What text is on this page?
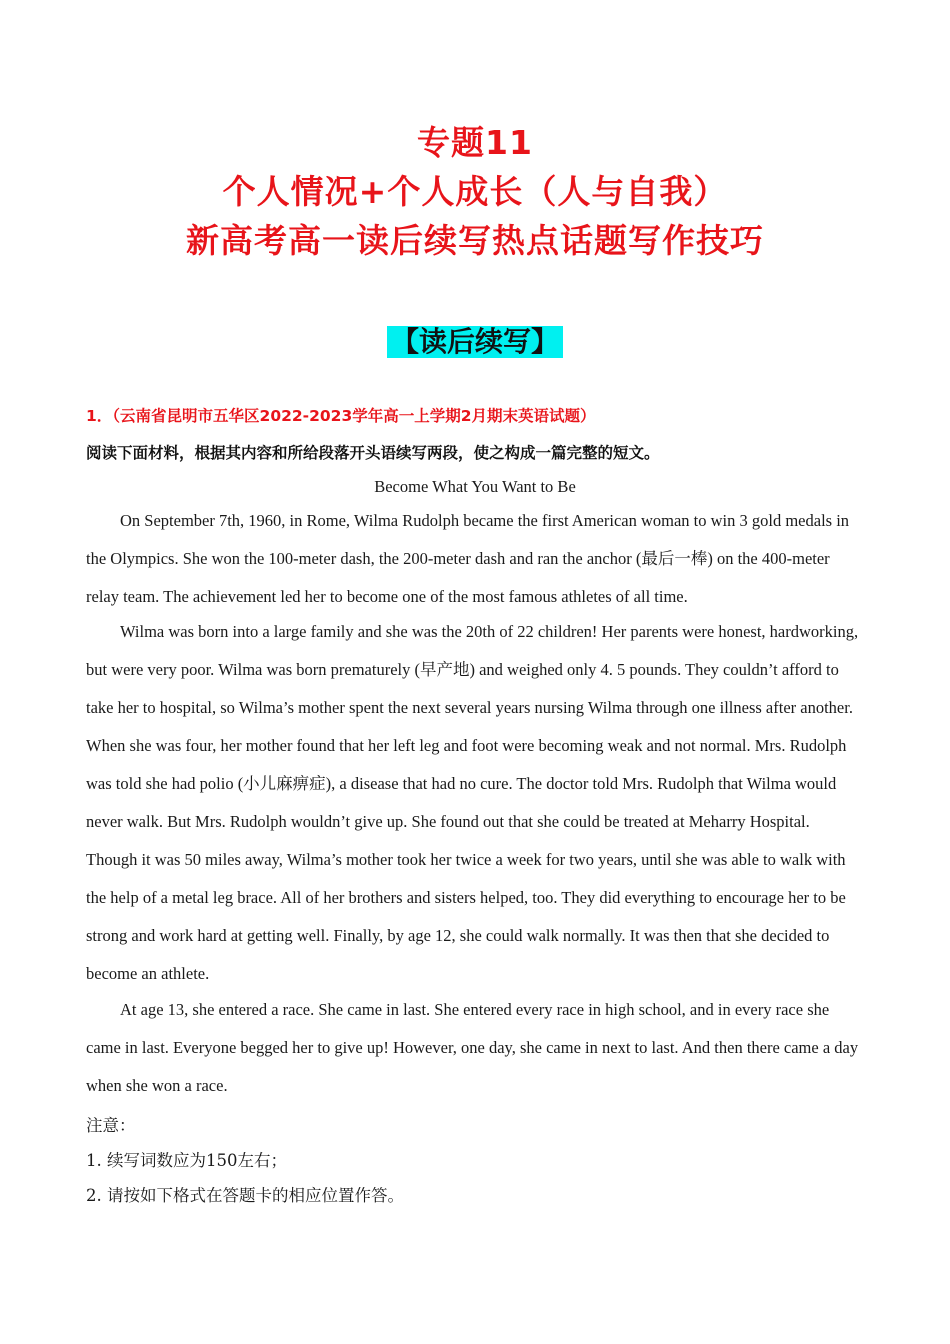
专题11
个人情况+个人成长（人与自我）
新高考高一读后续写热点话题写作技巧
【读后续写】
1．（云南省昆明市五华区2022-2023学年高一上学期2月期末英语试题）
阅读下面材料，根据其内容和所给段落开头语续写两段，使之构成一篇完整的短文。
Become What You Want to Be

On September 7th, 1960, in Rome, Wilma Rudolph became the first American woman to win 3 gold medals in the Olympics. She won the 100-meter dash, the 200-meter dash and ran the anchor (最后一棒) on the 400-meter relay team. The achievement led her to become one of the most famous athletes of all time.

Wilma was born into a large family and she was the 20th of 22 children! Her parents were honest, hardworking, but were very poor. Wilma was born prematurely (早产地) and weighed only 4. 5 pounds. They couldn’t afford to take her to hospital, so Wilma’s mother spent the next several years nursing Wilma through one illness after another. When she was four, her mother found that her left leg and foot were becoming weak and not normal. Mrs. Rudolph was told she had polio (小儿麻痹症), a disease that had no cure. The doctor told Mrs. Rudolph that Wilma would never walk. But Mrs. Rudolph wouldn’t give up. She found out that she could be treated at Meharry Hospital. Though it was 50 miles away, Wilma’s mother took her twice a week for two years, until she was able to walk with the help of a metal leg brace. All of her brothers and sisters helped, too. They did everything to encourage her to be strong and work hard at getting well. Finally, by age 12, she could walk normally. It was then that she decided to become an athlete.

At age 13, she entered a race. She came in last. She entered every race in high school, and in every race she came in last. Everyone begged her to give up! However, one day, she came in next to last. And then there came a day when she won a race.

注意：
1. 续写词数应为150左右；
2. 请按如下格式在答题卡的相应位置作答。
